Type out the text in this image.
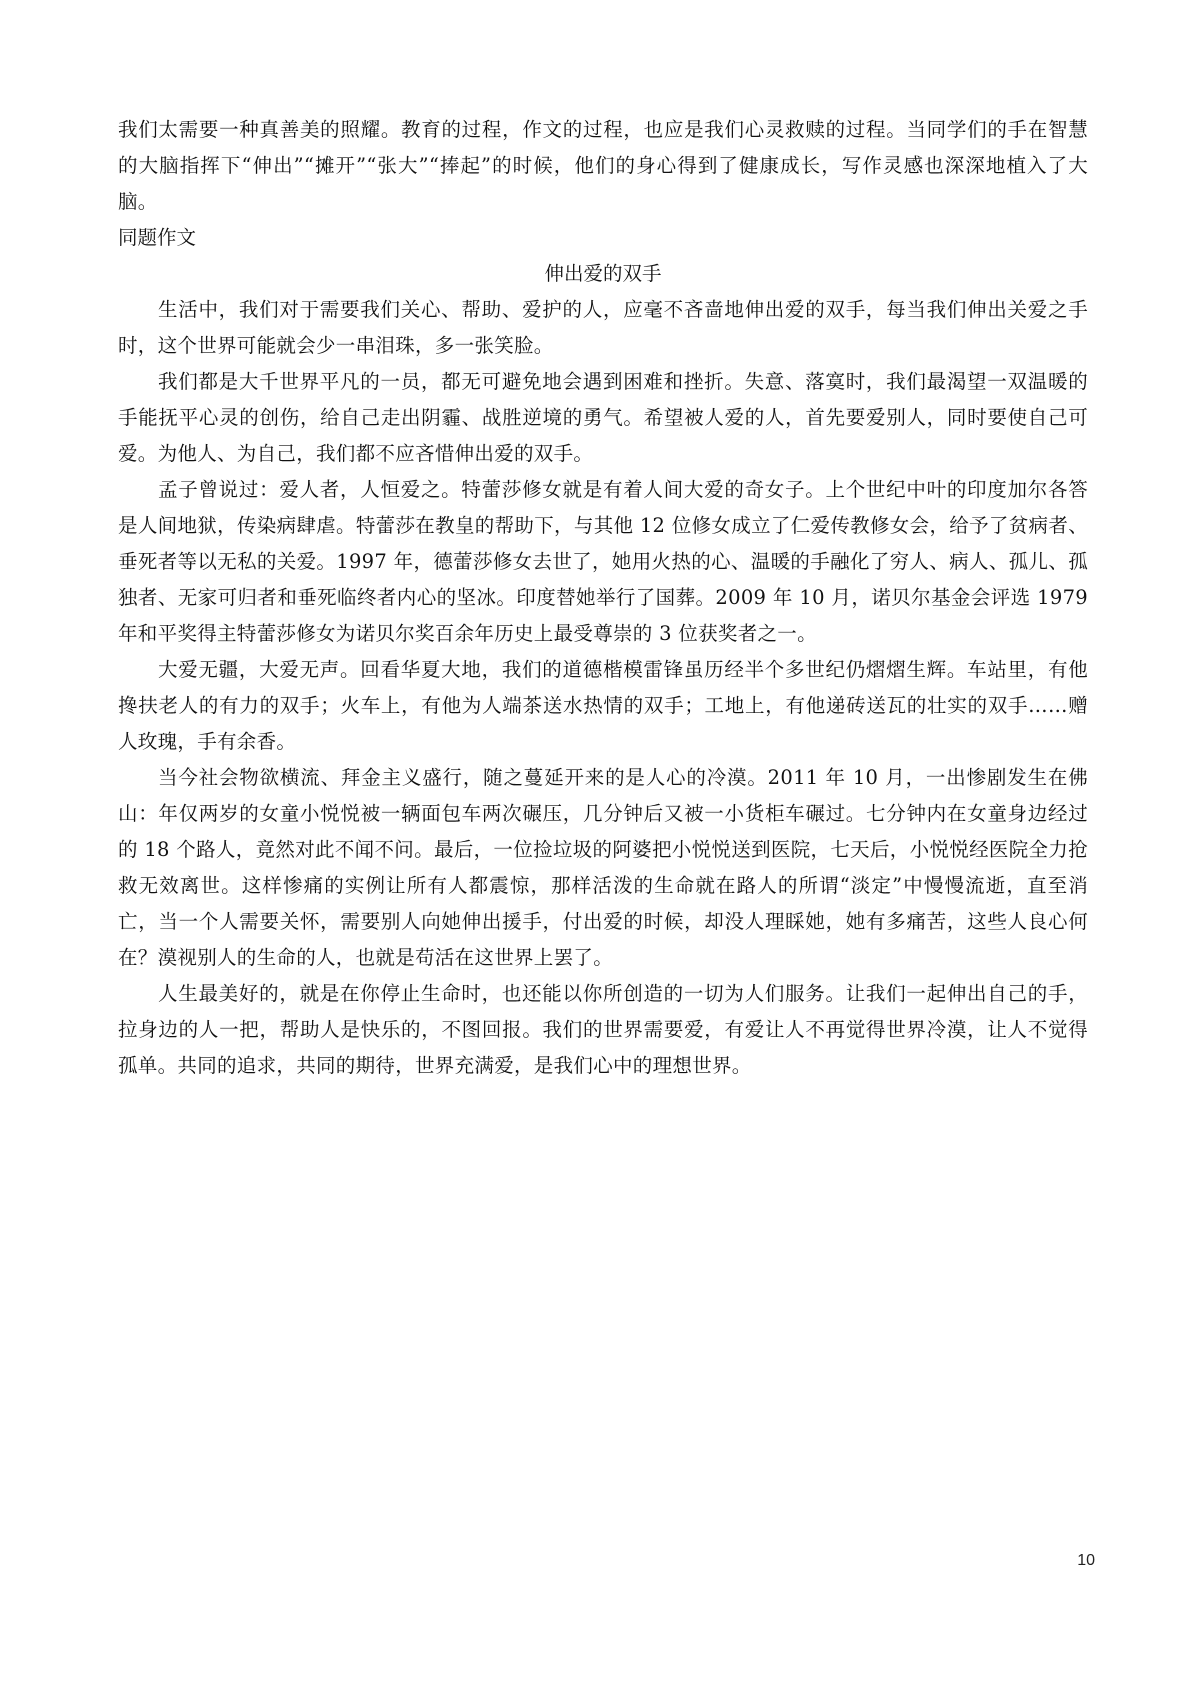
我们太需要一种真善美的照耀。教育的过程，作文的过程，也应是我们心灵救赎的过程。当同学们的手在智慧的大脑指挥下“伸出”“摊开”“张大”“捧起”的时候，他们的身心得到了健康成长，写作灵感也深深地植入了大脑。

同题作文

伸出爱的双手

生活中，我们对于需要我们关心、帮助、爱护的人，应毫不吝啬地伸出爱的双手，每当我们伸出关爱之手时，这个世界可能就会少一串泪珠，多一张笑脸。

我们都是大千世界平凡的一员，都无可避免地会遇到困难和挫折。失意、落寞时，我们最渴望一双温暖的手能抚平心灵的创伤，给自己走出阴霾、战胜逆境的勇气。希望被人爱的人，首先要爱别人，同时要使自己可爱。为他人、为自己，我们都不应吝惜伸出爱的双手。

孟子曾说过：爱人者，人恒爱之。特蕾莎修女就是有着人间大爱的奇女子。上个世纪中叶的印度加尔各答是人间地狱，传染病肆虐。特蕾莎在教皇的帮助下，与其他 12 位修女成立了仁爱传教修女会，给予了贫病者、垂死者等以无私的关爱。1997 年，德蕾莎修女去世了，她用火热的心、温暖的手融化了穷人、病人、孤儿、孤独者、无家可归者和垂死临终者内心的坚冰。印度替她举行了国葬。2009 年 10 月，诺贝尔基金会评选 1979 年和平奖得主特蕾莎修女为诺贝尔奖百余年历史上最受尊崇的 3 位获奖者之一。

大爱无疆，大爱无声。回看华夏大地，我们的道德楷模雷锋虽历经半个多世纪仍熠熠生辉。车站里，有他搀扶老人的有力的双手；火车上，有他为人端茶送水热情的双手；工地上，有他递砖送瓦的壮实的双手……赠人玫瑰，手有余香。

当今社会物欲横流、拜金主义盛行，随之蔓延开来的是人心的冷漠。2011 年 10 月，一出惨剧发生在佛山：年仅两岁的女童小悦悦被一辆面包车两次碾压，几分钟后又被一小货柜车碾过。七分钟内在女童身边经过的 18 个路人，竟然对此不闻不问。最后，一位捡垃圾的阿婆把小悦悦送到医院，七天后，小悦悦经医院全力抢救无效离世。这样惨痛的实例让所有人都震惊，那样活泼的生命就在路人的所谓“淡定”中慢慢流逝，直至消亡，当一个人需要关怀，需要别人向她伸出援手，付出爱的时候，却没人理睬她，她有多痛苦，这些人良心何在？漠视别人的生命的人，也就是苟活在这世界上罢了。

人生最美好的，就是在你停止生命时，也还能以你所创造的一切为人们服务。让我们一起伸出自己的手，拉身边的人一把，帮助人是快乐的，不图回报。我们的世界需要爱，有爱让人不再觉得世界冷漠，让人不觉得孤单。共同的追求，共同的期待，世界充满爱，是我们心中的理想世界。

10
